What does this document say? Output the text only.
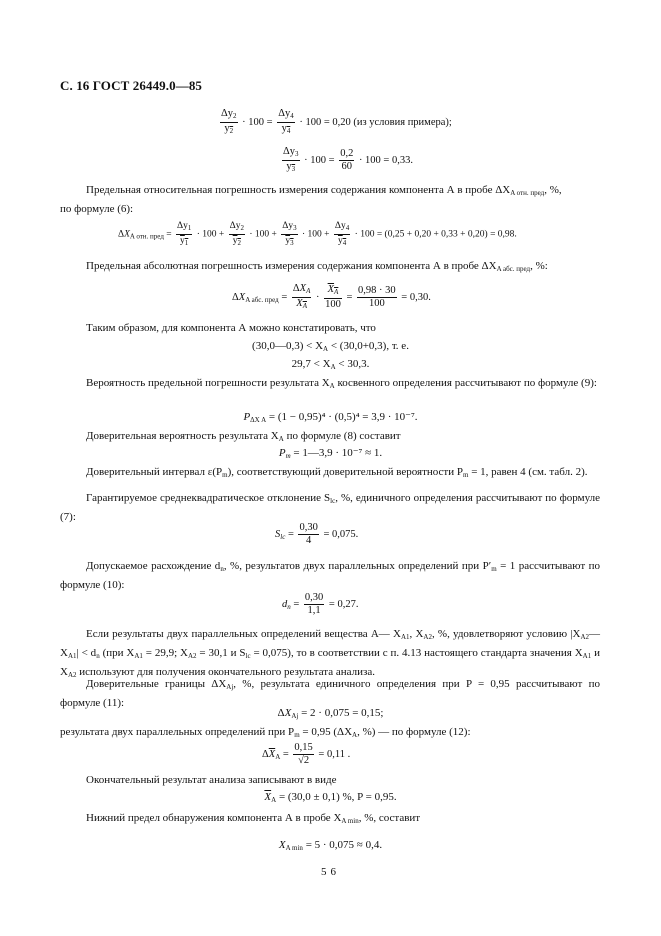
С. 16 ГОСТ 26449.0—85
$\frac{\Delta y_2}{y_2} \cdot 100 = \frac{\Delta y_4}{y_4} \cdot 100 = 0,20$ (из условия примера);
$\frac{\Delta y_3}{y_3} \cdot 100 = \frac{0,2}{60} \cdot 100 = 0,33$.
Предельная относительная погрешность измерения содержания компонента А в пробе $\Delta X_{A отн. пред}$, %,
по формуле (6):
$\Delta X_{A отн. пред} = \frac{\Delta y_1}{y_1} \cdot 100 + \frac{\Delta y_2}{y_2} \cdot 100 + \frac{\Delta y_3}{y_3} \cdot 100 + \frac{\Delta y_4}{y_4} \cdot 100 = (0,25 + 0,20 + 0,33 + 0,20) = 0,98$.
Предельная абсолютная погрешность измерения содержания компонента А в пробе $\Delta X_{A абс. пред}$, %:
$\Delta X_{A абс. пред} = \frac{\Delta X_A}{X_A} \cdot \frac{X_A}{100} = \frac{0,98 \cdot 30}{100} = 0,30$.
Таким образом, для компонента А можно констатировать, что
(30,0—0,3) < $X_A < (30,0+0,3)$, т. е.
$29,7 < X_A < 30,3$.
Вероятность предельной погрешности результата $X_A$ косвенного определения рассчитывают по формуле (9):
$P_{\Delta X A} = (1 - 0,95)^4 \cdot (0,5)^4 = 3,9 \cdot 10^{-7}$.
Доверительная вероятность результата $X_A$ по формуле (8) составит
$P_m$ = 1—3,9 · 10⁻⁷ ≈ 1.
Доверительный интервал $\varepsilon(P_m)$, соответствующий доверительной вероятности $P_m = 1$, равен 4 (см. табл. 2).
Гарантируемое среднеквадратическое отклонение $S_{lc}$, %, единичного определения рассчитывают по формуле (7):
$S_{lc} = \frac{0,30}{4} = 0,075$.
Допускаемое расхождение $d_n$, %, результатов двух параллельных определений при $P'_m = 1$ рассчитывают по формуле (10):
$d_n = \frac{0,30}{1,1} = 0,27$.
Если результаты двух параллельных определений вещества А— $X_{A1}$, $X_{A2}$, %, удовлетворяют условию $|X_{A2}—X_{A1}| < d_n$ (при $X_{A1} = 29,9$; $X_{A2} = 30,1$ и $S_{lc} = 0,075$), то в соответствии с п. 4.13 настоящего стандарта значения $X_{A1}$ и $X_{A2}$ используют для получения окончательного результата анализа.
Доверительные границы $\Delta X_{Aj}$, %, результата единичного определения при P = 0,95 рассчитывают по формуле (11):
$\Delta X_{Aj} = 2 \cdot 0,075 = 0,15$;
результата двух параллельных определений при $P_m = 0,95$ ($\Delta X_A$, %) — по формуле (12):
$\Delta\overline{X}_A = \frac{0,15}{√2} = 0,11$ .
Окончательный результат анализа записывают в виде
$\overline{X}_A = (30,0 \pm 0,1)$ %, P = 0,95.
56
Нижний предел обнаружения компонента А в пробе $X_{A min}$, %, составит
$X_{A min} = 5 \cdot 0,075 \approx 0,4$.
